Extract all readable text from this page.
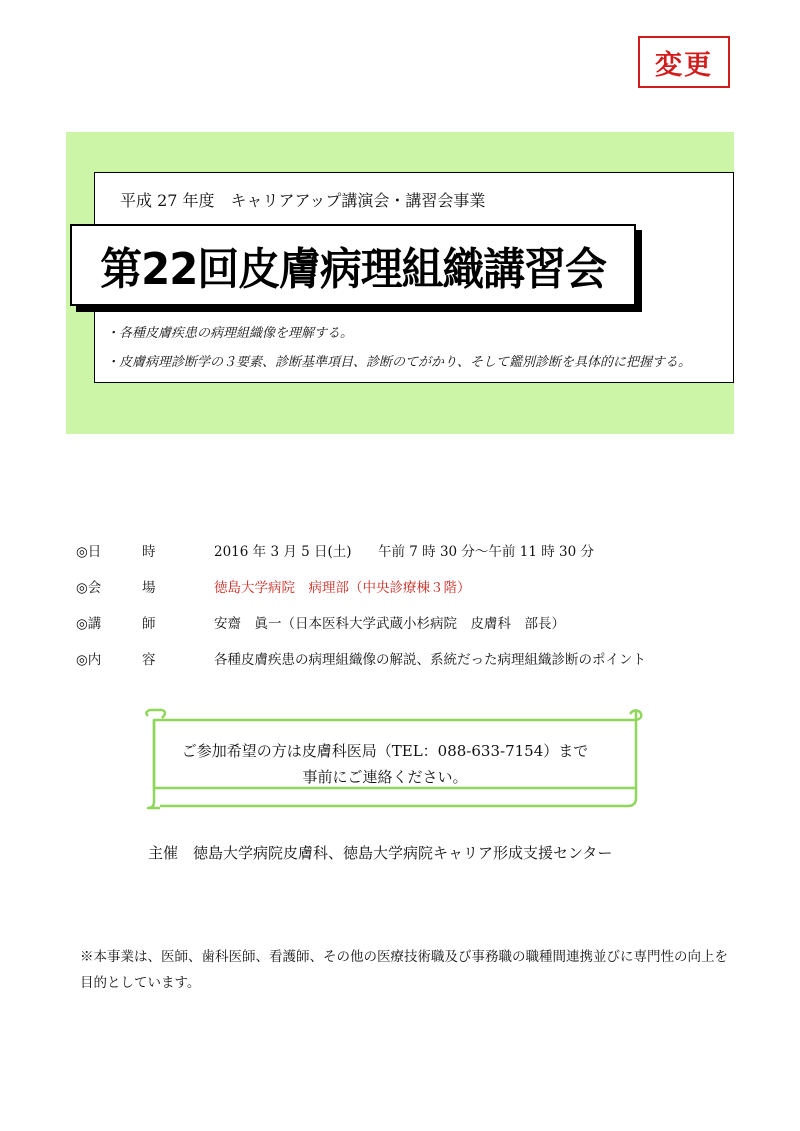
変更
平成 27 年度　キャリアアップ講演会・講習会事業
第22回皮膚病理組織講習会
・各種皮膚疾患の病理組織像を理解する。
・皮膚病理診断学の３要素、診断基準項目、診断のてがかり、そして鑑別診断を具体的に把握する。
◎日	時	2016 年 3 月 5 日(土) 午前 7 時 30 分～午前 11 時 30 分
◎会	場	徳島大学病院　病理部（中央診療棟３階）
◎講	師	安齋　眞一（日本医科大学武蔵小杉病院　皮膚科　部長）
◎内	容	各種皮膚疾患の病理組織像の解説、系統だった病理組織診断のポイント
ご参加希望の方は皮膚科医局（TEL：088-633-7154）まで
事前にご連絡ください。
主催　徳島大学病院皮膚科、徳島大学病院キャリア形成支援センター
※本事業は、医師、歯科医師、看護師、その他の医療技術職及び事務職の職種間連携並びに専門性の向上を目的としています。
